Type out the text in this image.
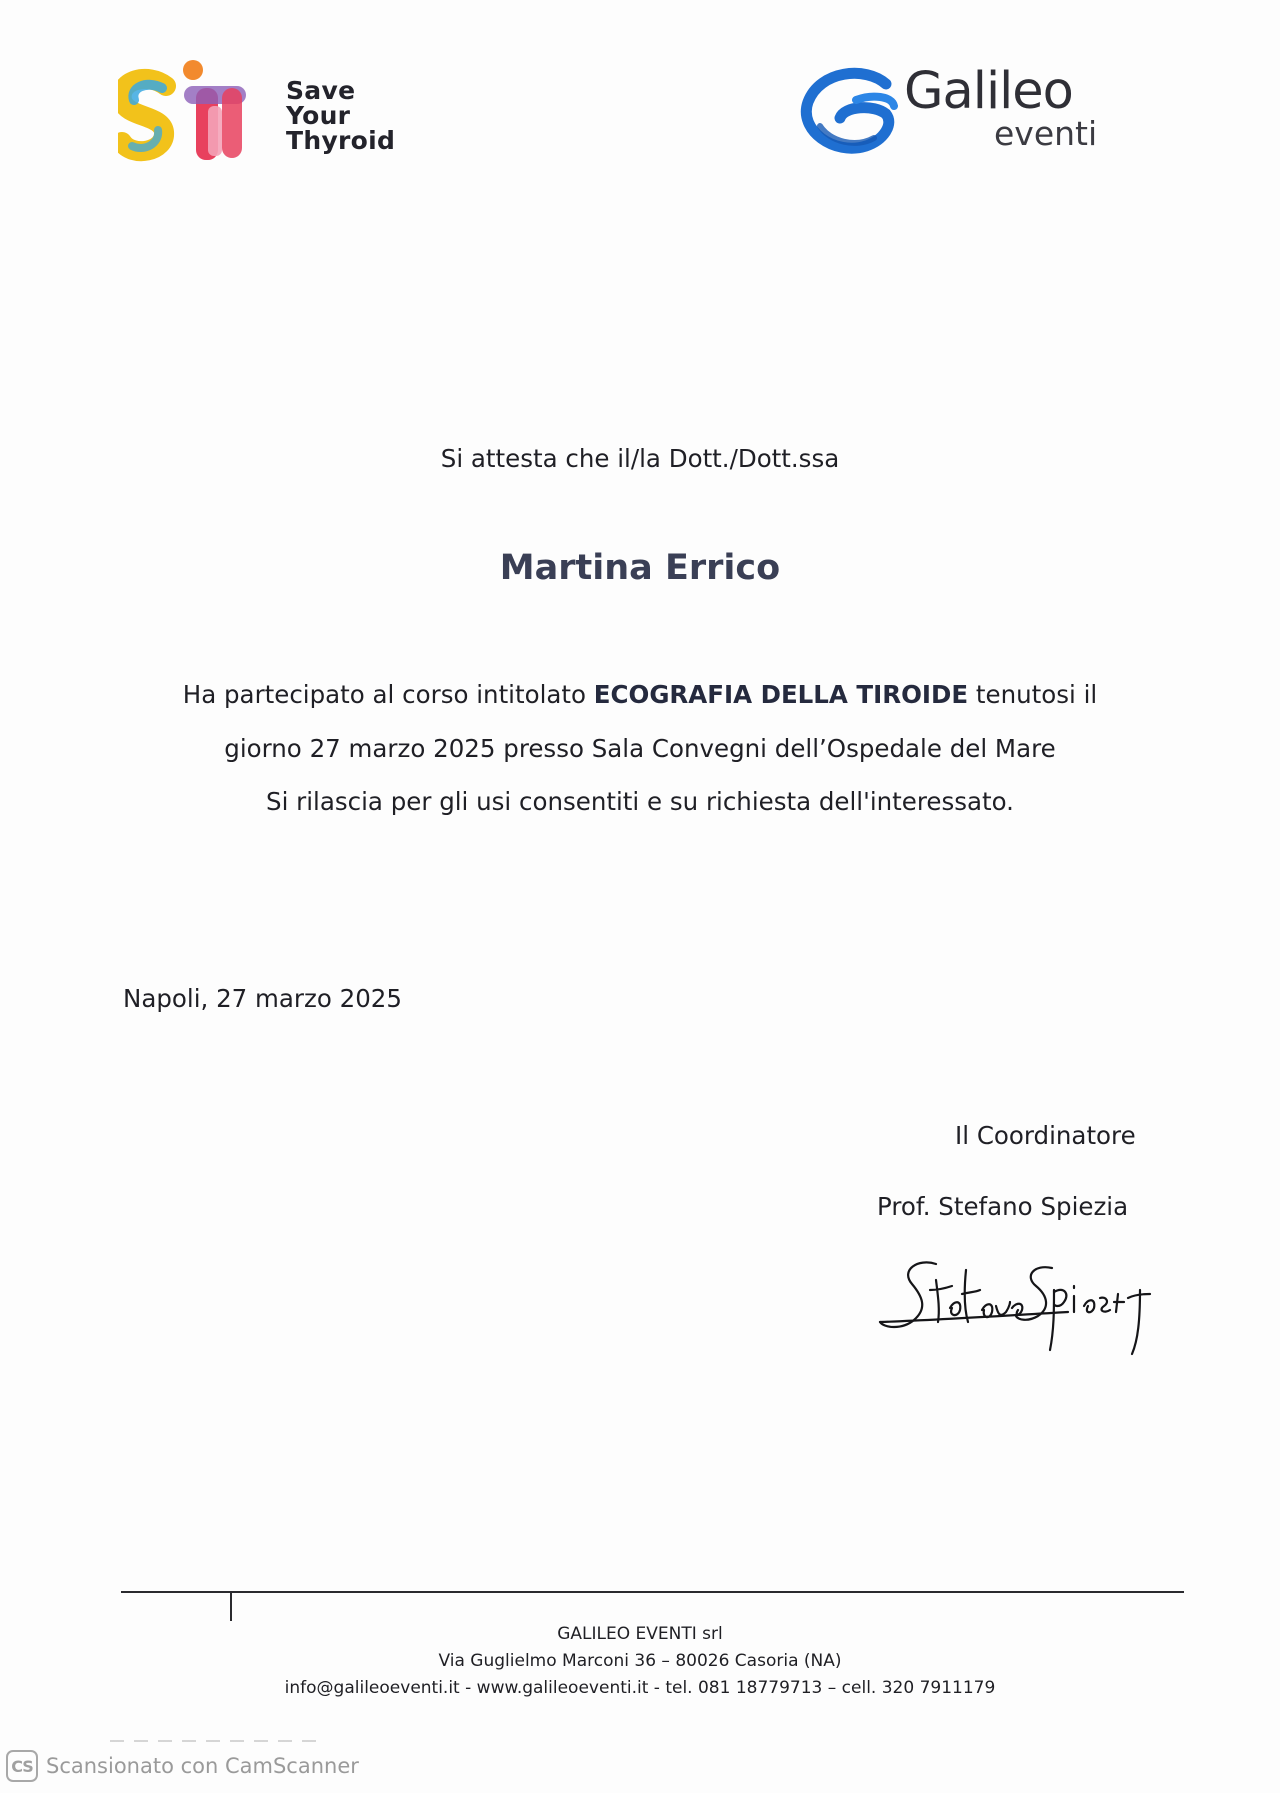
Save
Your
Thyroid
Galileo
eventi
Si attesta che il/la Dott./Dott.ssa
Martina Errico
Ha partecipato al corso intitolato ECOGRAFIA DELLA TIROIDE tenutosi il
giorno 27 marzo 2025 presso Sala Convegni dell’Ospedale del Mare
Si rilascia per gli usi consentiti e su richiesta dell'interessato.
Napoli, 27 marzo 2025
Il Coordinatore
Prof. Stefano Spiezia
GALILEO EVENTI srl
Via Guglielmo Marconi 36 – 80026 Casoria (NA)
info@galileoeventi.it - www.galileoeventi.it - tel. 081 18779713 – cell. 320 7911179
CS Scansionato con CamScanner
